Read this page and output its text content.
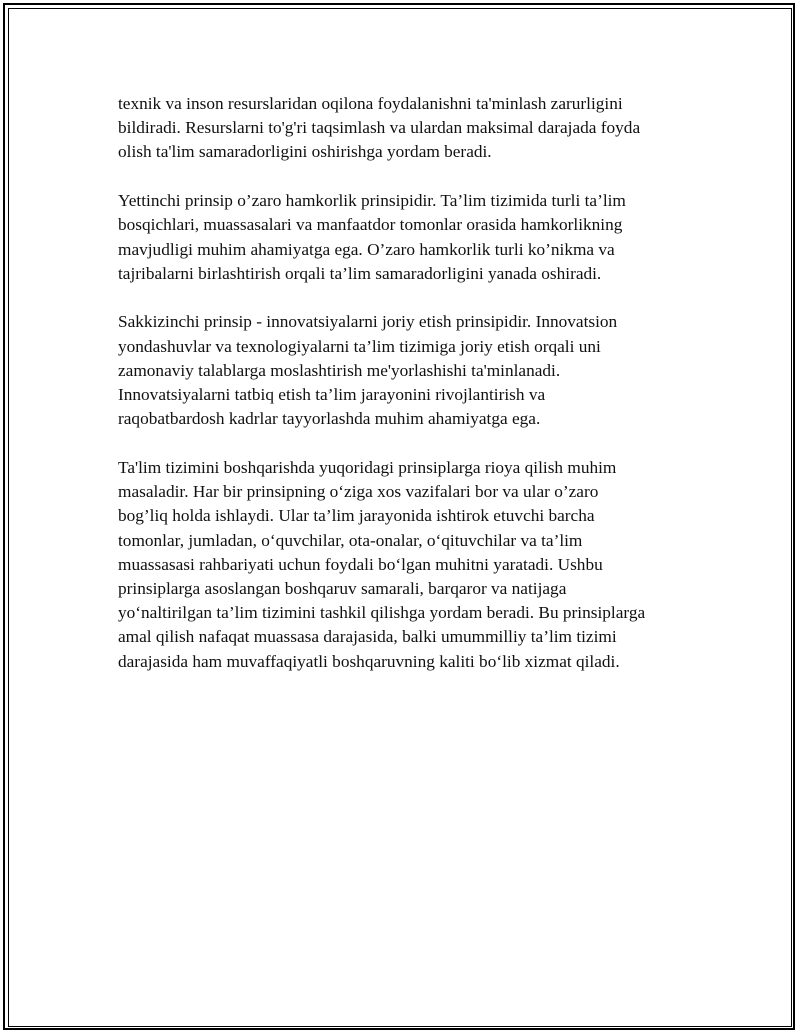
texnik va inson resurslaridan oqilona foydalanishni ta'minlash zarurligini
bildiradi. Resurslarni to'g'ri taqsimlash va ulardan maksimal darajada foyda
olish ta'lim samaradorligini oshirishga yordam beradi.

Yettinchi prinsip o’zaro hamkorlik prinsipidir. Ta’lim tizimida turli ta’lim
bosqichlari, muassasalari va manfaatdor tomonlar orasida hamkorlikning
mavjudligi muhim ahamiyatga ega. O’zaro hamkorlik turli ko’nikma va
tajribalarni birlashtirish orqali ta’lim samaradorligini yanada oshiradi.

Sakkizinchi prinsip - innovatsiyalarni joriy etish prinsipidir. Innovatsion
yondashuvlar va texnologiyalarni ta’lim tizimiga joriy etish orqali uni
zamonaviy talablarga moslashtirish me'yorlashishi ta'minlanadi.
Innovatsiyalarni tatbiq etish ta’lim jarayonini rivojlantirish va
raqobatbardosh kadrlar tayyorlashda muhim ahamiyatga ega.

Ta'lim tizimini boshqarishda yuqoridagi prinsiplarga rioya qilish muhim
masaladir. Har bir prinsipning o‘ziga xos vazifalari bor va ular o’zaro
bog’liq holda ishlaydi. Ular ta’lim jarayonida ishtirok etuvchi barcha
tomonlar, jumladan, o‘quvchilar, ota-onalar, o‘qituvchilar va ta’lim
muassasasi rahbariyati uchun foydali bo‘lgan muhitni yaratadi. Ushbu
prinsiplarga asoslangan boshqaruv samarali, barqaror va natijaga
yo‘naltirilgan ta’lim tizimini tashkil qilishga yordam beradi. Bu prinsiplarga
amal qilish nafaqat muassasa darajasida, balki umummilliy ta’lim tizimi
darajasida ham muvaffaqiyatli boshqaruvning kaliti bo‘lib xizmat qiladi.
